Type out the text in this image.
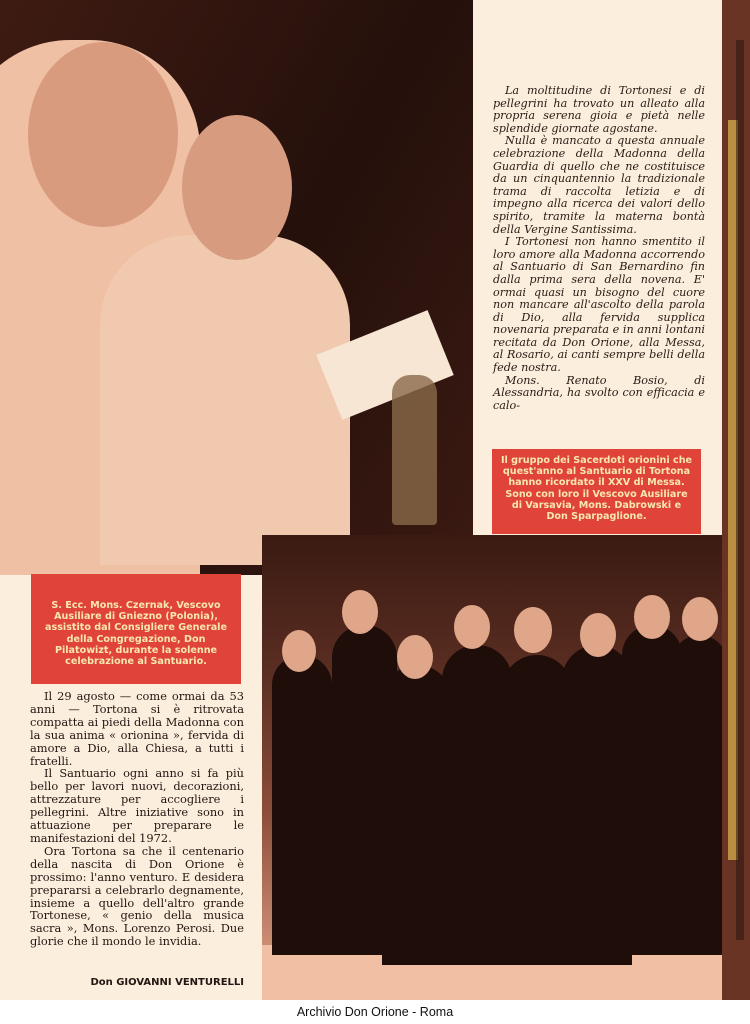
La moltitudine di Tortonesi e di pellegrini ha trovato un alleato alla propria serena gioia e pietà nelle splendide giornate agostane.

Nulla è mancato a questa annuale celebrazione della Madonna della Guardia di quello che ne costituisce da un cinquantennio la tradizionale trama di raccolta letizia e di impegno alla ricerca dei valori dello spirito, tramite la materna bontà della Vergine Santissima.

I Tortonesi non hanno smentito il loro amore alla Madonna accorrendo al Santuario di San Bernardino fin dalla prima sera della novena. E' ormai quasi un bisogno del cuore non mancare all'ascolto della parola di Dio, alla fervida supplica novenaria preparata e in anni lontani recitata da Don Orione, alla Messa, al Rosario, ai canti sempre belli della fede nostra.

Mons. Renato Bosio, di Alessandria, ha svolto con efficacia e calo-

Il gruppo dei Sacerdoti orionini che quest'anno al Santuario di Tortona hanno ricordato il XXV di Messa. Sono con loro il Vescovo Ausiliare di Varsavia, Mons. Dabrowski e Don Sparpaglione.
S. Ecc. Mons. Czernak, Vescovo Ausiliare di Gniezno (Polonia), assistito dal Consigliere Generale della Congregazione, Don Pilatowizt, durante la solenne celebrazione al Santuario.

Il 29 agosto — come ormai da 53 anni — Tortona si è ritrovata compatta ai piedi della Madonna con la sua anima « orionina », fervida di amore a Dio, alla Chiesa, a tutti i fratelli.

Il Santuario ogni anno si fa più bello per lavori nuovi, decorazioni, attrezzature per accogliere i pellegrini. Altre iniziative sono in attuazione per preparare le manifestazioni del 1972.

Ora Tortona sa che il centenario della nascita di Don Orione è prossimo: l'anno venturo. E desidera prepararsi a celebrarlo degnamente, insieme a quello dell'altro grande Tortonese, « genio della musica sacra », Mons. Lorenzo Perosi. Due glorie che il mondo le invidia.

Don GIOVANNI VENTURELLI
Archivio Don Orione - Roma
